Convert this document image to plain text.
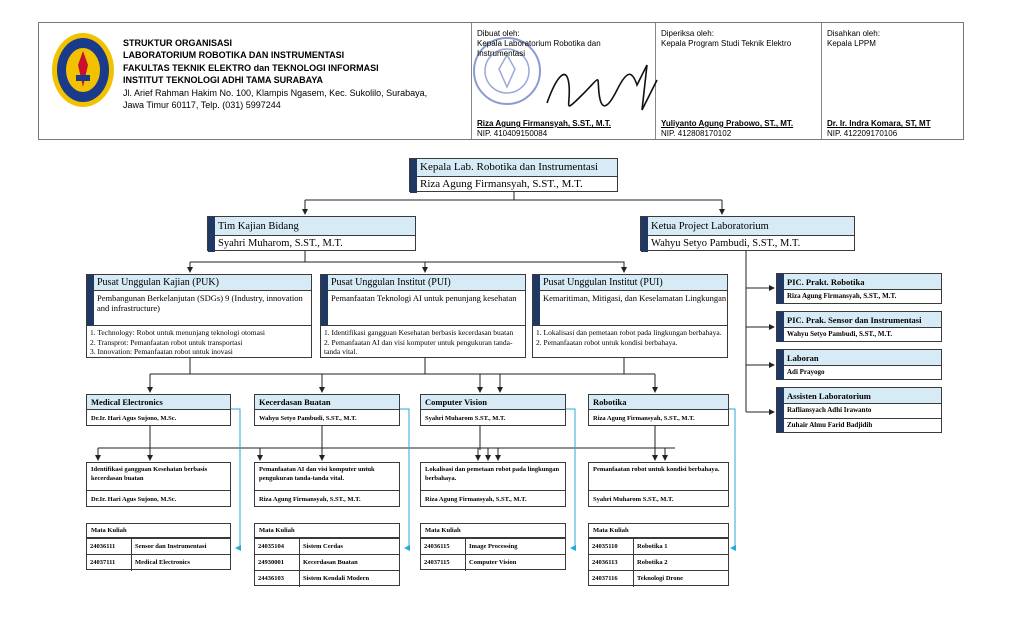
STRUKTUR ORGANISASI
LABORATORIUM ROBOTIKA DAN INSTRUMENTASI
FAKULTAS TEKNIK ELEKTRO dan TEKNOLOGI INFORMASI
INSTITUT TEKNOLOGI ADHI TAMA SURABAYA
Jl. Arief Rahman Hakim No. 100, Klampis Ngasem, Kec. Sukolilo, Surabaya,
Jawa Timur 60117, Telp. (031) 5997244
Dibuat oleh:
Kepala Laboratorium Robotika dan
Instrumentasi
Riza Agung Firmansyah, S.ST., M.T.
NIP. 410409150084
Diperiksa oleh:
Kepala Program Studi Teknik Elektro
Yuliyanto Agung Prabowo, ST., MT.
NIP. 412808170102
Disahkan oleh:
Kepala LPPM
Dr. Ir. Indra Komara, ST, MT
NIP. 412209170106
Kepala Lab. Robotika dan Instrumentasi
Riza Agung Firmansyah, S.ST., M.T.
Tim Kajian Bidang
Syahri Muharom, S.ST., M.T.
Ketua Project Laboratorium
Wahyu Setyo Pambudi, S.ST., M.T.
Pusat Unggulan Kajian (PUK)
Pembangunan Berkelanjutan (SDGs) 9 (Industry, innovation and infrastructure)
1. Technology: Robot untuk menunjang teknologi otomasi
2. Transprot: Pemanfaatan robot untuk transportasi
3. Innovation: Pemanfaatan robot untuk inovasi
Pusat Unggulan Institut (PUI)
Pemanfaatan Teknologi AI untuk penunjang kesehatan
1. Identifikasi gangguan Kesehatan berbasis kecerdasan buatan
2. Pemanfaatan AI dan visi komputer untuk pengukuran tanda-tanda vital.
Pusat Unggulan Institut (PUI)
Kemaritiman, Mitigasi, dan Keselamatan Lingkungan
1. Lokalisasi dan pemetaan robot pada lingkungan berbahaya.
2. Pemanfaatan robot untuk kondisi berbahaya.
PIC. Prakt. Robotika
Riza Agung Firmansyah, S.ST., M.T.
PIC. Prak. Sensor dan Instrumentasi
Wahyu Setyo Pambudi, S.ST., M.T.
Laboran
Adi Prayogo
Assisten Laboratorium
Rafliansyach Adhi Irawanto
Zuhair Almu Farid Badjidih
Medical Electronics
Dr.Ir. Hari Agus Sujono, M.Sc.
Kecerdasan Buatan
Wahyu Setyo Pambudi, S.ST., M.T.
Computer Vision
Syahri Muharom S.ST., M.T.
Robotika
Riza Agung Firmansyah, S.ST., M.T.
Identifikasi gangguan Kesehatan berbasis kecerdasan buatan
Dr.Ir. Hari Agus Sujono, M.Sc.
Pemanfaatan AI dan visi komputer untuk pengukuran tanda-tanda vital.
Riza Agung Firmansyah, S.ST., M.T.
Lokalisasi dan pemetaan robot pada lingkungan berbahaya.
Riza Agung Firmansyah, S.ST., M.T.
Pemanfaatan robot untuk kondisi berbahaya.
Syahri Muharom S.ST., M.T.
Mata Kuliah
24036111	Sensor dan Instrumentasi
24037111	Medical Electronics
Mata Kuliah
24035104	Sistem Cerdas
24930001	Kecerdasan Buatan
24436103	Sistem Kendali Modern
Mata Kuliah
24036115	Image Processing
24037115	Computer Vision
Mata Kuliah
24035110	Robotika 1
24036113	Robotika 2
24037116	Teknologi Drone
